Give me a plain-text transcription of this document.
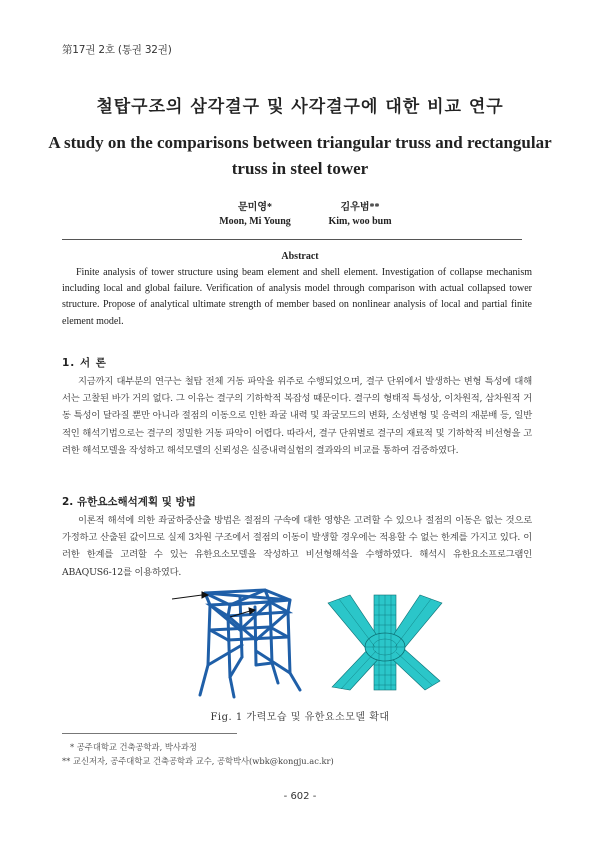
第17권 2호 (통권 32권)
철탑구조의 삼각결구 및 사각결구에 대한 비교 연구
A study on the comparisons between triangular truss and rectangular truss in steel tower
문미영*
Moon, Mi Young
김우범**
Kim, woo bum
Abstract
Finite analysis of tower structure using beam element and shell element. Investigation of collapse mechanism including local and global failure. Verification of analysis model through comparison with actual collapsed tower structure. Propose of analytical ultimate strength of member based on nonlinear analysis of local and partial finite element model.
1. 서 론
지금까지 대부분의 연구는 철탑 전체 거동 파악을 위주로 수행되었으며, 결구 단위에서 발생하는 변형 특성에 대해서는 고찰된 바가 거의 없다. 그 이유는 결구의 기하학적 복잡성 때문이다. 결구의 형태적 특성상, 이차원적, 삼차원적 거동 특성이 달라질 뿐만 아니라 절점의 이동으로 인한 좌굴 내력 및 좌굴모드의 변화, 소성변형 및 응력의 재분배 등, 일반적인 해석기법으로는 결구의 정밀한 거동 파악이 어렵다. 따라서, 결구 단위별로 결구의 재료적 및 기하학적 비선형을 고려한 해석모델을 작성하고 해석모델의 신뢰성은 실증내력실험의 결과와의 비교를 통하여 검증하였다.
2. 유한요소해석계획 및 방법
이론적 해석에 의한 좌굴하중산출 방법은 절점의 구속에 대한 영향은 고려할 수 있으나 절점의 이동은 없는 것으로 가정하고 산출된 값이므로 실제 3차원 구조에서 절점의 이동이 발생할 경우에는 적용할 수 없는 한계를 가지고 있다. 이러한 한계를 고려할 수 있는 유한요소모델을 작성하고 비선형해석을 수행하였다. 해석시 유한요소프로그램인 ABAQUS6-12를 이용하였다.
Fig. 1 가력모습 및 유한요소모델 확대
* 공주대학교 건축공학과, 박사과정
** 교신저자, 공주대학교 건축공학과 교수, 공학박사(wbk@kongju.ac.kr)
- 602 -
